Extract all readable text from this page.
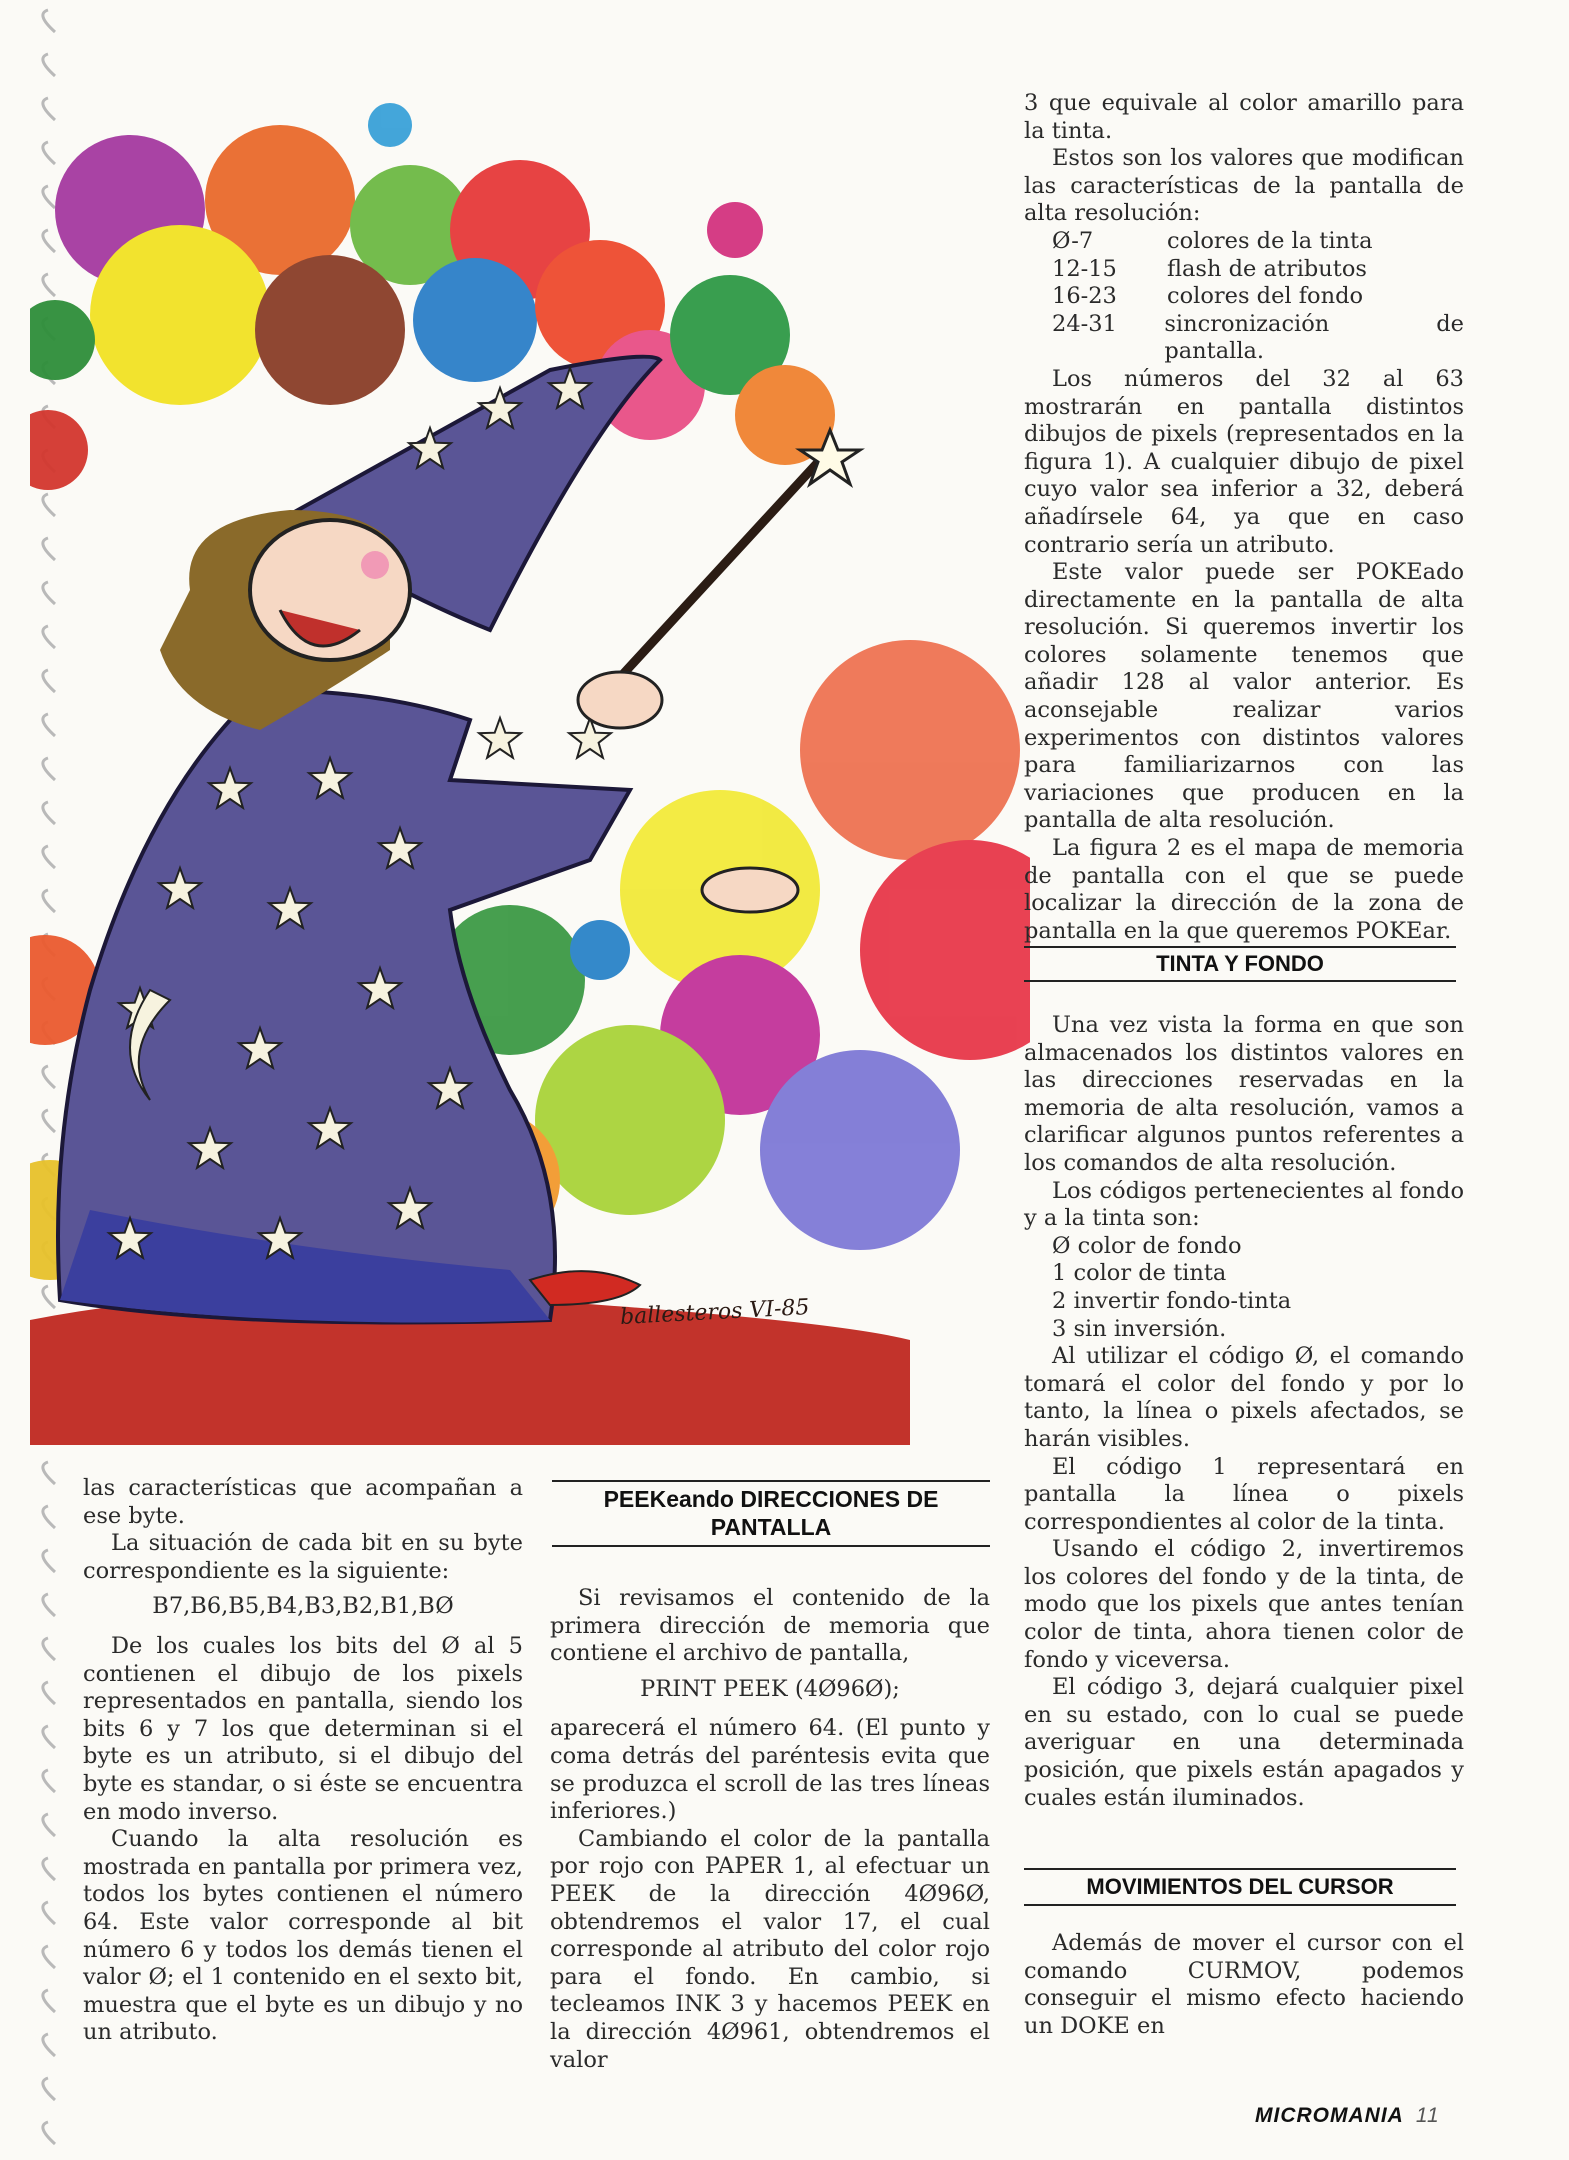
ballesteros VI-85

las características que acompañan a ese byte.

La situación de cada bit en su byte correspondiente es la siguiente:

B7,B6,B5,B4,B3,B2,B1,BØ

De los cuales los bits del Ø al 5 contienen el dibujo de los pixels representados en pantalla, siendo los bits 6 y 7 los que determinan si el byte es un atributo, si el dibujo del byte es standar, o si éste se encuentra en modo inverso.

Cuando la alta resolución es mostrada en pantalla por primera vez, todos los bytes contienen el número 64. Este valor corresponde al bit número 6 y todos los demás tienen el valor Ø; el 1 contenido en el sexto bit, muestra que el byte es un dibujo y no un atributo.

PEEKeando DIRECCIONES DE PANTALLA

Si revisamos el contenido de la primera dirección de memoria que contiene el archivo de pantalla,

PRINT PEEK (4Ø96Ø);

aparecerá el número 64. (El punto y coma detrás del paréntesis evita que se produzca el scroll de las tres líneas inferiores.)

Cambiando el color de la pantalla por rojo con PAPER 1, al efectuar un PEEK de la dirección 4Ø96Ø, obtendremos el valor 17, el cual corresponde al atributo del color rojo para el fondo. En cambio, si tecleamos INK 3 y hacemos PEEK en la dirección 4Ø961, obtendremos el valor

3 que equivale al color amarillo para la tinta.

Estos son los valores que modifican las características de la pantalla de alta resolución:

Ø-7	colores de la tinta
12-15	flash de atributos
16-23	colores del fondo
24-31	sincronización de pantalla.

Los números del 32 al 63 mostrarán en pantalla distintos dibujos de pixels (representados en la figura 1). A cualquier dibujo de pixel cuyo valor sea inferior a 32, deberá añadírsele 64, ya que en caso contrario sería un atributo.

Este valor puede ser POKEado directamente en la pantalla de alta resolución. Si queremos invertir los colores solamente tenemos que añadir 128 al valor anterior. Es aconsejable realizar varios experimentos con distintos valores para familiarizarnos con las variaciones que producen en la pantalla de alta resolución.

La figura 2 es el mapa de memoria de pantalla con el que se puede localizar la dirección de la zona de pantalla en la que queremos POKEar.

TINTA Y FONDO

Una vez vista la forma en que son almacenados los distintos valores en las direcciones reservadas en la memoria de alta resolución, vamos a clarificar algunos puntos referentes a los comandos de alta resolución.

Los códigos pertenecientes al fondo y a la tinta son:

Ø color de fondo
1 color de tinta
2 invertir fondo-tinta
3 sin inversión.

Al utilizar el código Ø, el comando tomará el color del fondo y por lo tanto, la línea o pixels afectados, se harán visibles.

El código 1 representará en pantalla la línea o pixels correspondientes al color de la tinta.

Usando el código 2, invertiremos los colores del fondo y de la tinta, de modo que los pixels que antes tenían color de tinta, ahora tienen color de fondo y viceversa.

El código 3, dejará cualquier pixel en su estado, con lo cual se puede averiguar en una determinada posición, que pixels están apagados y cuales están iluminados.

MOVIMIENTOS DEL CURSOR

Además de mover el cursor con el comando CURMOV, podemos conseguir el mismo efecto haciendo un DOKE en

MICROMANIA 11
